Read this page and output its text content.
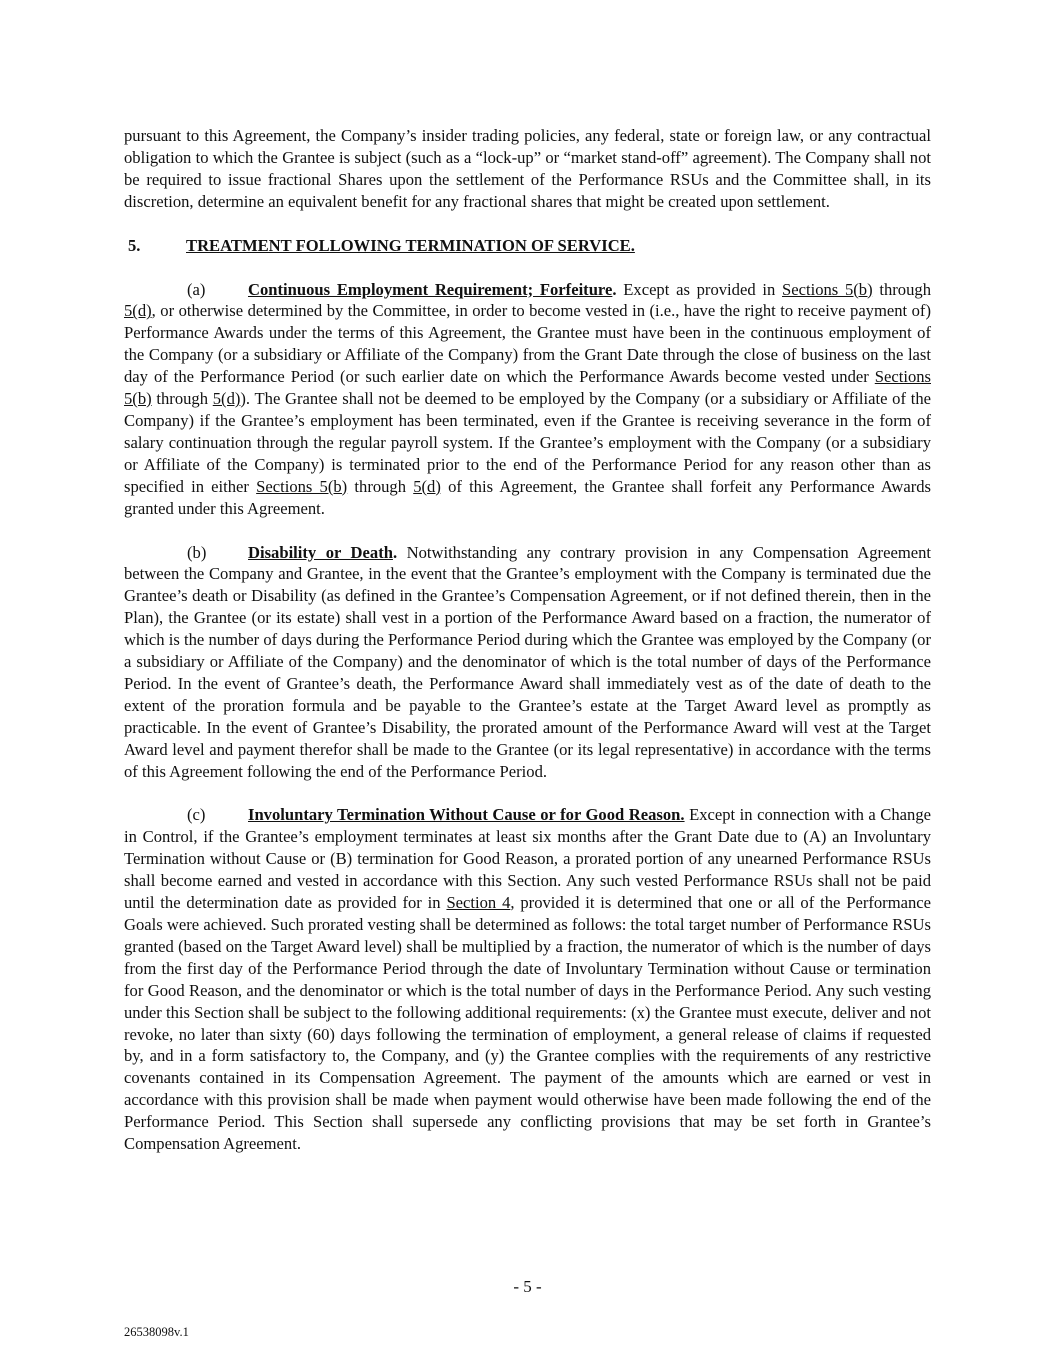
pursuant to this Agreement, the Company’s insider trading policies, any federal, state or foreign law, or any contractual obligation to which the Grantee is subject (such as a “lock-up” or “market stand-off” agreement). The Company shall not be required to issue fractional Shares upon the settlement of the Performance RSUs and the Committee shall, in its discretion, determine an equivalent benefit for any fractional shares that might be created upon settlement.

5.	TREATMENT FOLLOWING TERMINATION OF SERVICE.

(a)	Continuous Employment Requirement; Forfeiture. Except as provided in Sections 5(b) through 5(d), or otherwise determined by the Committee, in order to become vested in (i.e., have the right to receive payment of) Performance Awards under the terms of this Agreement, the Grantee must have been in the continuous employment of the Company (or a subsidiary or Affiliate of the Company) from the Grant Date through the close of business on the last day of the Performance Period (or such earlier date on which the Performance Awards become vested under Sections 5(b) through 5(d)). The Grantee shall not be deemed to be employed by the Company (or a subsidiary or Affiliate of the Company) if the Grantee’s employment has been terminated, even if the Grantee is receiving severance in the form of salary continuation through the regular payroll system. If the Grantee’s employment with the Company (or a subsidiary or Affiliate of the Company) is terminated prior to the end of the Performance Period for any reason other than as specified in either Sections 5(b) through 5(d) of this Agreement, the Grantee shall forfeit any Performance Awards granted under this Agreement.

(b)	Disability or Death. Notwithstanding any contrary provision in any Compensation Agreement between the Company and Grantee, in the event that the Grantee’s employment with the Company is terminated due the Grantee’s death or Disability (as defined in the Grantee’s Compensation Agreement, or if not defined therein, then in the Plan), the Grantee (or its estate) shall vest in a portion of the Performance Award based on a fraction, the numerator of which is the number of days during the Performance Period during which the Grantee was employed by the Company (or a subsidiary or Affiliate of the Company) and the denominator of which is the total number of days of the Performance Period. In the event of Grantee’s death, the Performance Award shall immediately vest as of the date of death to the extent of the proration formula and be payable to the Grantee’s estate at the Target Award level as promptly as practicable. In the event of Grantee’s Disability, the prorated amount of the Performance Award will vest at the Target Award level and payment therefor shall be made to the Grantee (or its legal representative) in accordance with the terms of this Agreement following the end of the Performance Period.

(c)	Involuntary Termination Without Cause or for Good Reason. Except in connection with a Change in Control, if the Grantee’s employment terminates at least six months after the Grant Date due to (A) an Involuntary Termination without Cause or (B) termination for Good Reason, a prorated portion of any unearned Performance RSUs shall become earned and vested in accordance with this Section. Any such vested Performance RSUs shall not be paid until the determination date as provided for in Section 4, provided it is determined that one or all of the Performance Goals were achieved. Such prorated vesting shall be determined as follows: the total target number of Performance RSUs granted (based on the Target Award level) shall be multiplied by a fraction, the numerator of which is the number of days from the first day of the Performance Period through the date of Involuntary Termination without Cause or termination for Good Reason, and the denominator or which is the total number of days in the Performance Period. Any such vesting under this Section shall be subject to the following additional requirements: (x) the Grantee must execute, deliver and not revoke, no later than sixty (60) days following the termination of employment, a general release of claims if requested by, and in a form satisfactory to, the Company, and (y) the Grantee complies with the requirements of any restrictive covenants contained in its Compensation Agreement. The payment of the amounts which are earned or vest in accordance with this provision shall be made when payment would otherwise have been made following the end of the Performance Period. This Section shall supersede any conflicting provisions that may be set forth in Grantee’s Compensation Agreement.

- 5 -
26538098v.1
